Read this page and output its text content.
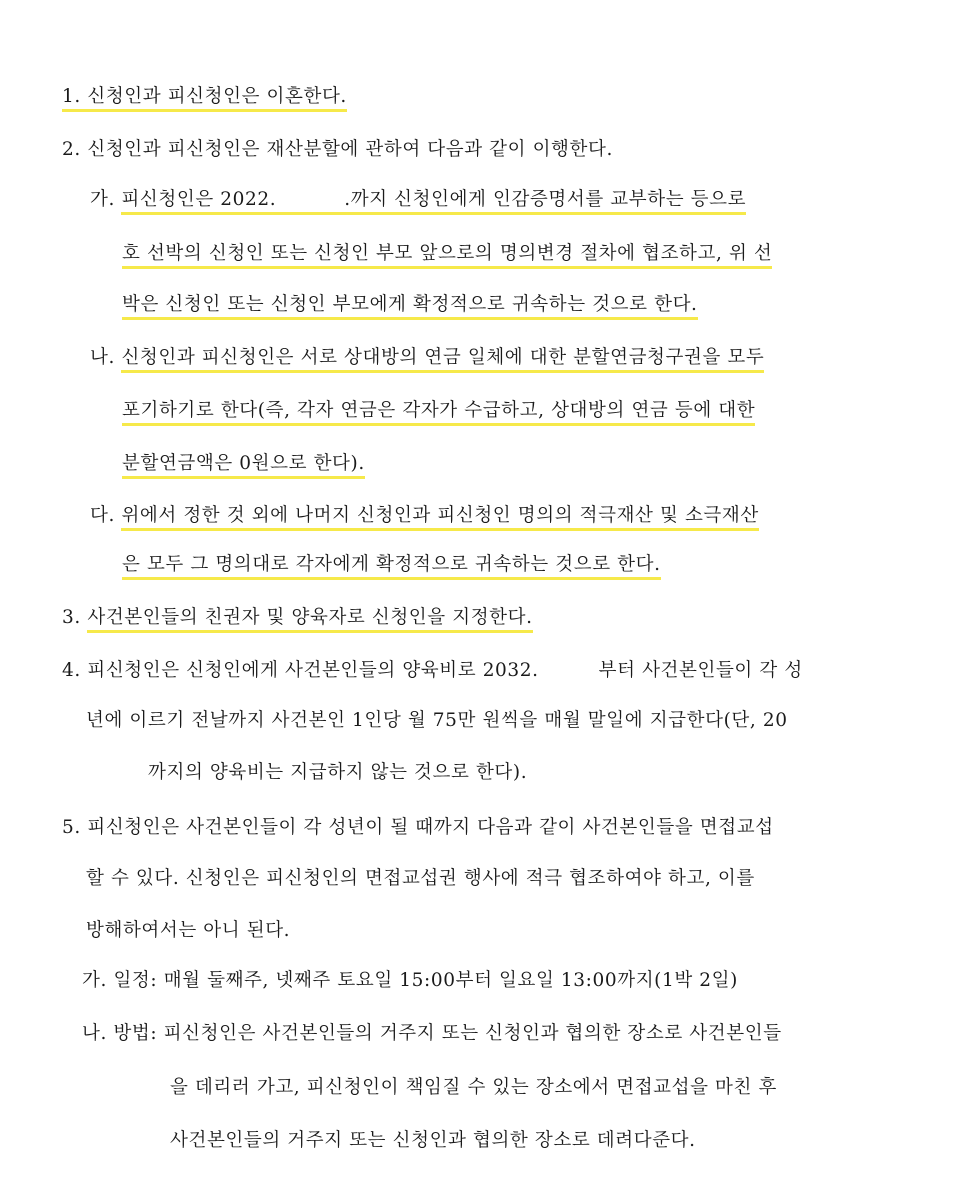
1. 신청인과 피신청인은 이혼한다.
2. 신청인과 피신청인은 재산분할에 관하여 다음과 같이 이행한다.
가. 피신청인은 2022.	.까지 신청인에게 인감증명서를 교부하는 등으로
호 선박의 신청인 또는 신청인 부모 앞으로의 명의변경 절차에 협조하고, 위 선
박은 신청인 또는 신청인 부모에게 확정적으로 귀속하는 것으로 한다.
나. 신청인과 피신청인은 서로 상대방의 연금 일체에 대한 분할연금청구권을 모두
포기하기로 한다(즉, 각자 연금은 각자가 수급하고, 상대방의 연금 등에 대한
분할연금액은 0원으로 한다).
다. 위에서 정한 것 외에 나머지 신청인과 피신청인 명의의 적극재산 및 소극재산
은 모두 그 명의대로 각자에게 확정적으로 귀속하는 것으로 한다.
3. 사건본인들의 친권자 및 양육자로 신청인을 지정한다.
4. 피신청인은 신청인에게 사건본인들의 양육비로 2032.	부터 사건본인들이 각 성
년에 이르기 전날까지 사건본인 1인당 월 75만 원씩을 매월 말일에 지급한다(단, 20
까지의 양육비는 지급하지 않는 것으로 한다).
5. 피신청인은 사건본인들이 각 성년이 될 때까지 다음과 같이 사건본인들을 면접교섭
할 수 있다. 신청인은 피신청인의 면접교섭권 행사에 적극 협조하여야 하고, 이를
방해하여서는 아니 된다.
가. 일정: 매월 둘째주, 넷째주 토요일 15:00부터 일요일 13:00까지(1박 2일)
나. 방법: 피신청인은 사건본인들의 거주지 또는 신청인과 협의한 장소로 사건본인들
을 데리러 가고, 피신청인이 책임질 수 있는 장소에서 면접교섭을 마친 후
사건본인들의 거주지 또는 신청인과 협의한 장소로 데려다준다.
